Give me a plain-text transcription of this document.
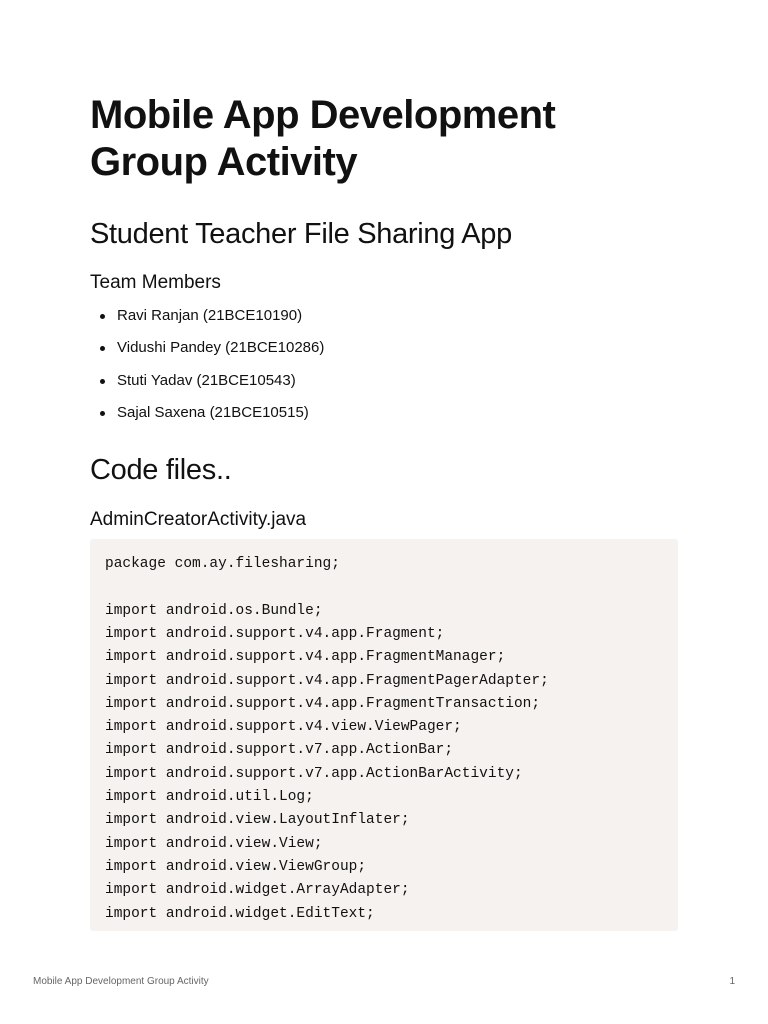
Mobile App Development  Group Activity
Student Teacher File Sharing App
Team Members
Ravi Ranjan (21BCE10190)
Vidushi Pandey (21BCE10286)
Stuti Yadav (21BCE10543)
Sajal Saxena (21BCE10515)
Code files..
AdminCreatorActivity.java
package com.ay.filesharing;
import android.os.Bundle;
import android.support.v4.app.Fragment;
import android.support.v4.app.FragmentManager;
import android.support.v4.app.FragmentPagerAdapter;
import android.support.v4.app.FragmentTransaction;
import android.support.v4.view.ViewPager;
import android.support.v7.app.ActionBar;
import android.support.v7.app.ActionBarActivity;
import android.util.Log;
import android.view.LayoutInflater;
import android.view.View;
import android.view.ViewGroup;
import android.widget.ArrayAdapter;
import android.widget.EditText;
Mobile App Development Group Activity	1
